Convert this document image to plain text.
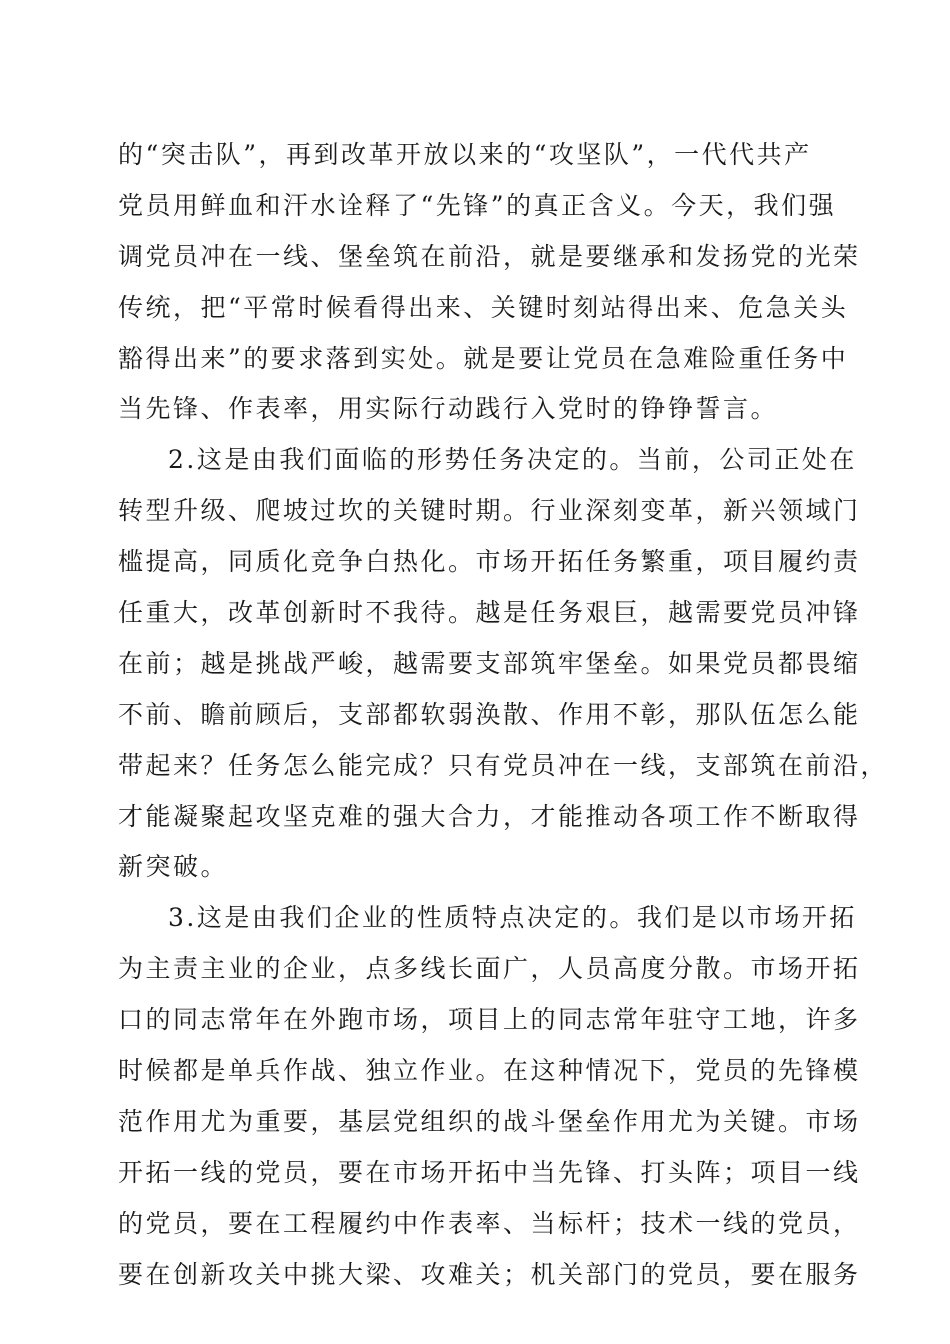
的“突击队”，再到改革开放以来的“攻坚队”，一代代共产
党员用鲜血和汗水诠释了“先锋”的真正含义。今天，我们强
调党员冲在一线、堡垒筑在前沿，就是要继承和发扬党的光荣
传统，把“平常时候看得出来、关键时刻站得出来、危急关头
豁得出来”的要求落到实处。就是要让党员在急难险重任务中
当先锋、作表率，用实际行动践行入党时的铮铮誓言。
2.这是由我们面临的形势任务决定的。当前，公司正处在
转型升级、爬坡过坎的关键时期。行业深刻变革，新兴领域门
槛提高，同质化竞争白热化。市场开拓任务繁重，项目履约责
任重大，改革创新时不我待。越是任务艰巨，越需要党员冲锋
在前；越是挑战严峻，越需要支部筑牢堡垒。如果党员都畏缩
不前、瞻前顾后，支部都软弱涣散、作用不彰，那队伍怎么能
带起来？任务怎么能完成？只有党员冲在一线，支部筑在前沿，
才能凝聚起攻坚克难的强大合力，才能推动各项工作不断取得
新突破。
3.这是由我们企业的性质特点决定的。我们是以市场开拓
为主责主业的企业，点多线长面广，人员高度分散。市场开拓
口的同志常年在外跑市场，项目上的同志常年驻守工地，许多
时候都是单兵作战、独立作业。在这种情况下，党员的先锋模
范作用尤为重要，基层党组织的战斗堡垒作用尤为关键。市场
开拓一线的党员，要在市场开拓中当先锋、打头阵；项目一线
的党员，要在工程履约中作表率、当标杆；技术一线的党员，
要在创新攻关中挑大梁、攻难关；机关部门的党员，要在服务
